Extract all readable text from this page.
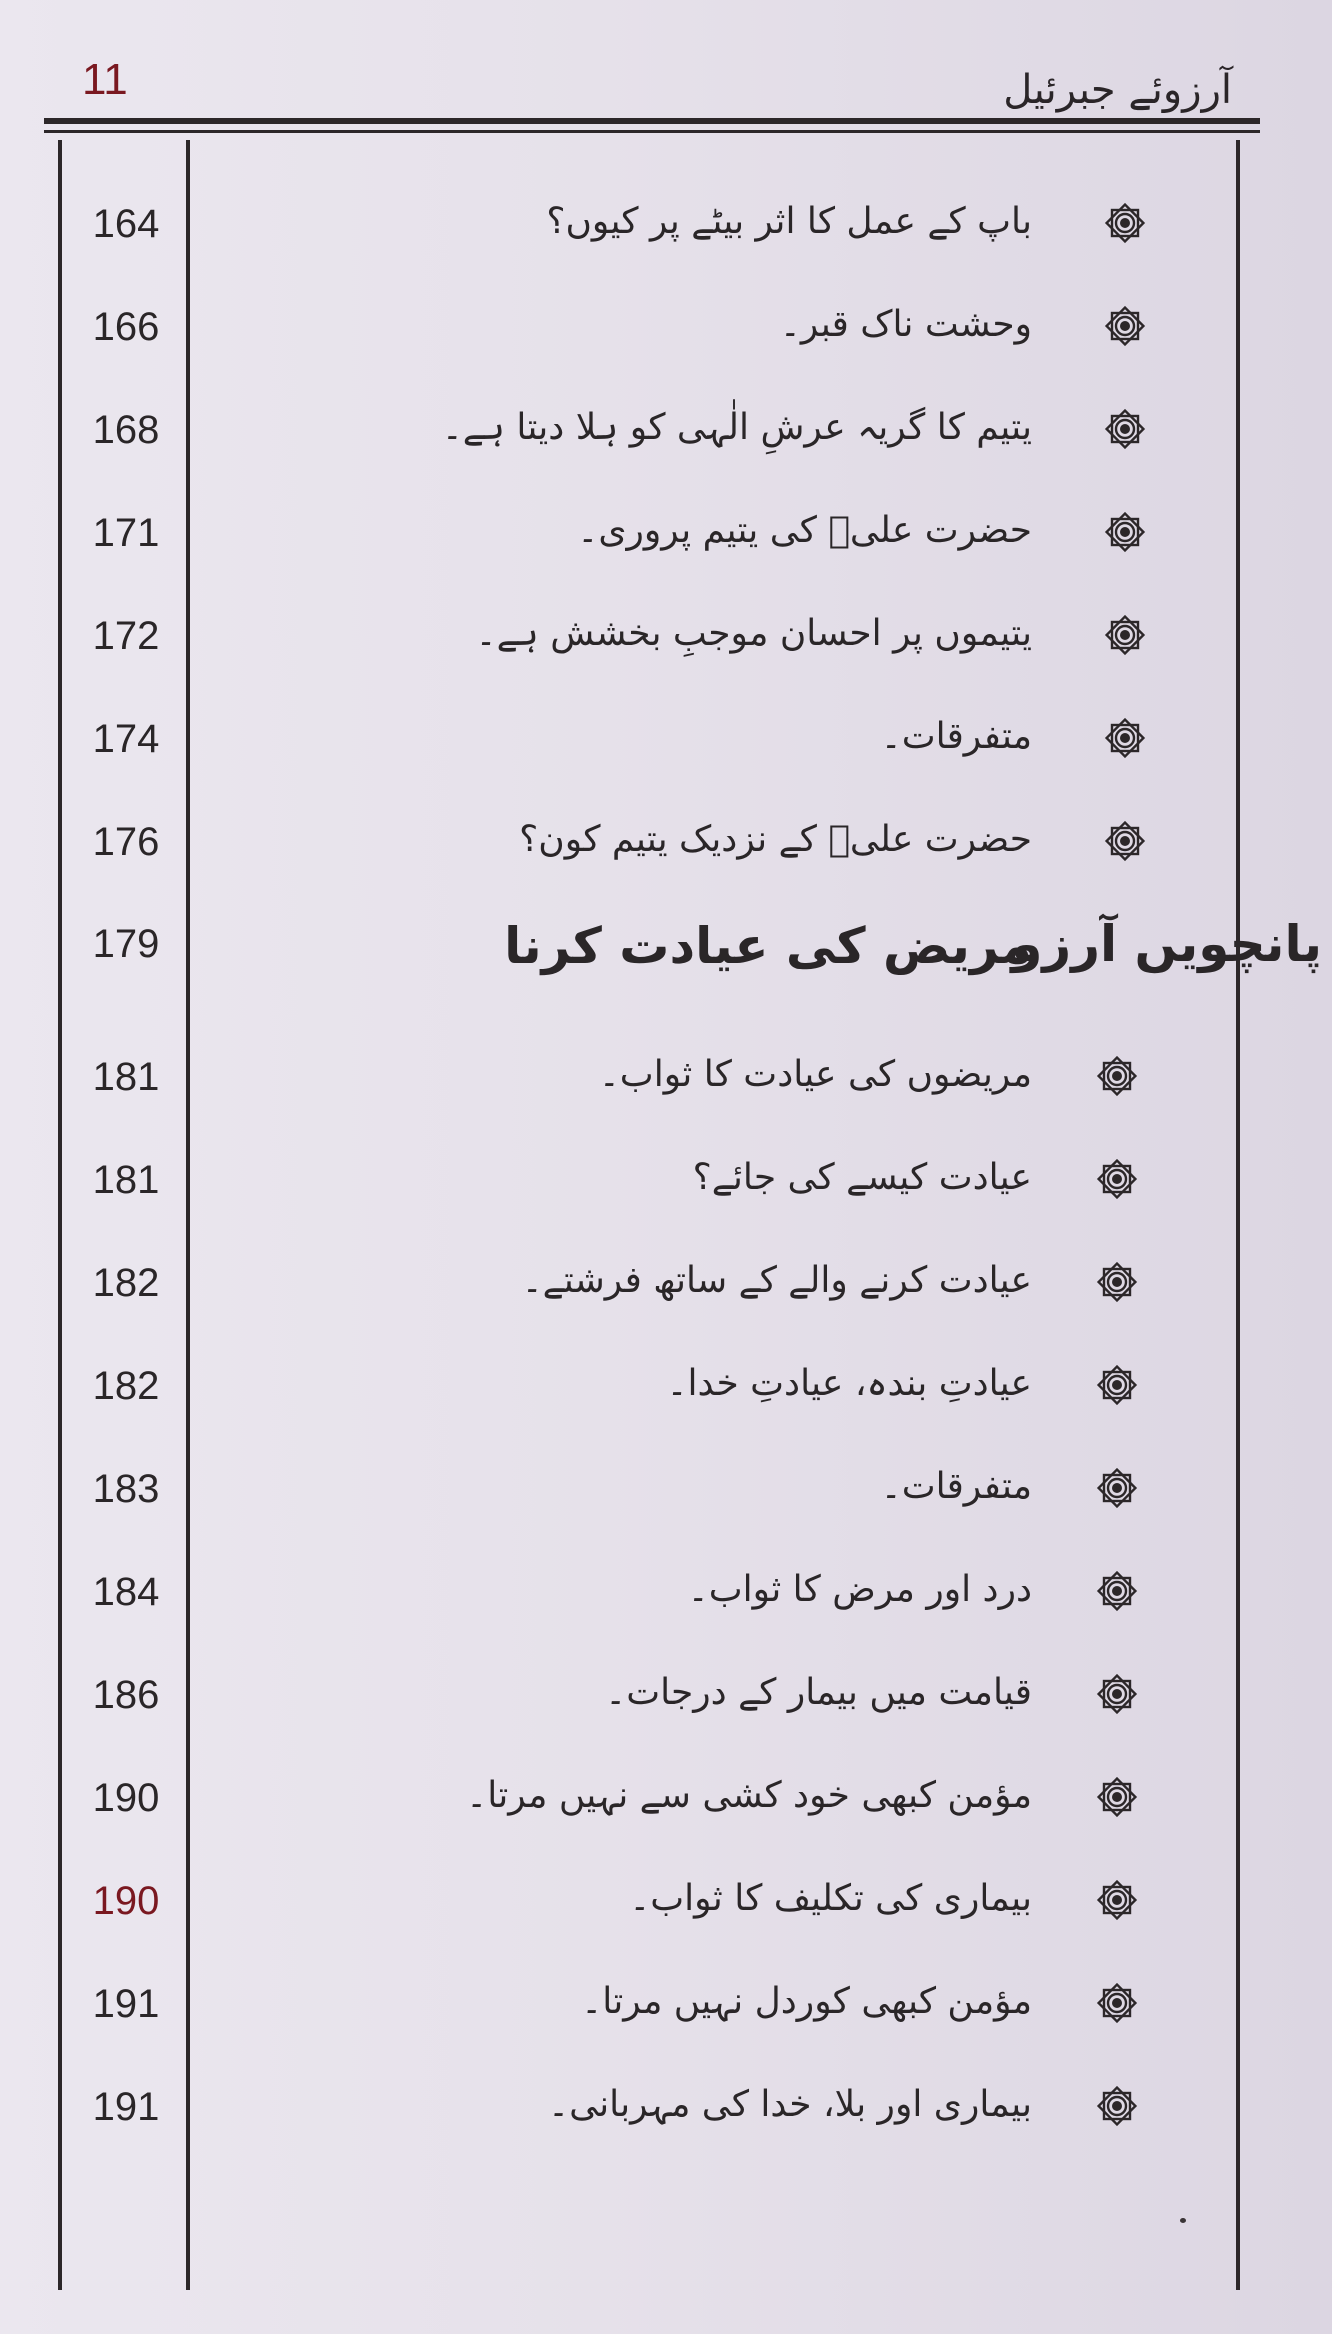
11	آرزوئے جبرئیل
164	باپ کے عمل کا اثر بیٹے پر کیوں؟
166	وحشت ناک قبر۔
168	یتیم کا گریہ عرشِ الٰہی کو ہلا دیتا ہے۔
171	حضرت علیؑ کی یتیم پروری۔
172	یتیموں پر احسان موجبِ بخشش ہے۔
174	متفرقات۔
176	حضرت علیؑ کے نزدیک یتیم کون؟
179	مریض کی عیادت کرنا
پانچویں آرزو
181	مریضوں کی عیادت کا ثواب۔
181	عیادت کیسے کی جائے؟
182	عیادت کرنے والے کے ساتھ فرشتے۔
182	عیادتِ بندہ، عیادتِ خدا۔
183	متفرقات۔
184	درد اور مرض کا ثواب۔
186	قیامت میں بیمار کے درجات۔
190	مؤمن کبھی خود کشی سے نہیں مرتا۔
190	بیماری کی تکلیف کا ثواب۔
191	مؤمن کبھی کوردل نہیں مرتا۔
191	بیماری اور بلا، خدا کی مہربانی۔
